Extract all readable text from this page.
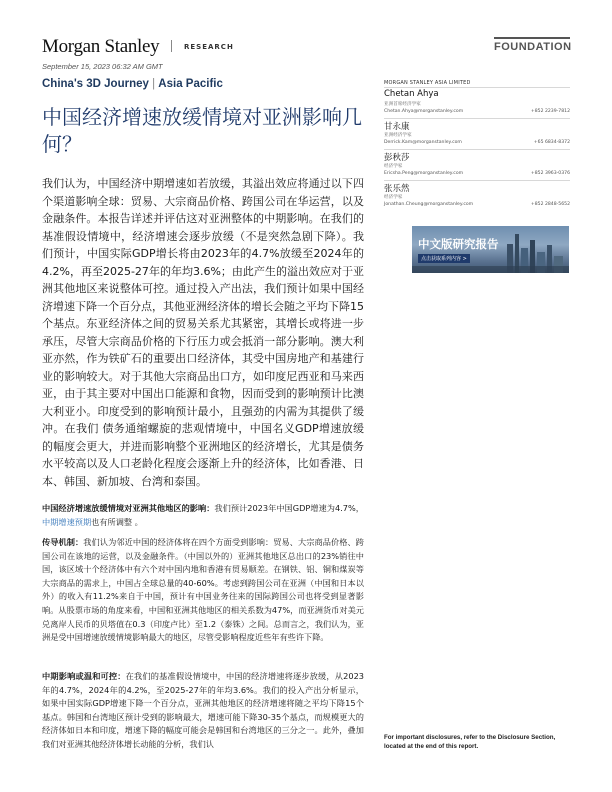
Morgan Stanley	RESEARCH	FOUNDATION
September 15, 2023 06:32 AM GMT
China's 3D Journey | Asia Pacific
中国经济增速放缓情境对亚洲影响几何？
我们认为，中国经济中期增速如若放缓，其溢出效应将通过以下四个渠道影响全球：贸易、大宗商品价格、跨国公司在华运营，以及金融条件。本报告详述并评估这对亚洲整体的中期影响。在我们的基准假设情境中，经济增速会逐步放缓（不是突然急剧下降）。我们预计，中国实际GDP增长将由2023年的4.7%放缓至2024年的4.2%，再至2025-27年的年均3.6%；由此产生的溢出效应对于亚洲其他地区来说整体可控。通过投入产出法，我们预计如果中国经济增速下降一个百分点，其他亚洲经济体的增长会随之平均下降15个基点。东亚经济体之间的贸易关系尤其紧密，其增长或将进一步承压，尽管大宗商品价格的下行压力或会抵消一部分影响。澳大利亚亦然，作为铁矿石的重要出口经济体，其受中国房地产和基建行业的影响较大。对于其他大宗商品出口方，如印度尼西亚和马来西亚，由于其主要对中国出口能源和食物，因而受到的影响预计比澳大利亚小。印度受到的影响预计最小，且强劲的内需为其提供了缓冲。在我们 债务通缩螺旋的悲观情境中，中国名义GDP增速放缓的幅度会更大，并进而影响整个亚洲地区的经济增长，尤其是债务水平较高以及人口老龄化程度会逐渐上升的经济体，比如香港、日本、韩国、新加坡、台湾和泰国。
中国经济增速放缓情境对亚洲其他地区的影响：我们预计2023年中国GDP增速为4.7%，中期增速预期也有所调整 。
传导机制：我们认为邻近中国的经济体将在四个方面受到影响：贸易、大宗商品价格、跨国公司在该地的运营，以及金融条件。（中国以外的）亚洲其他地区总出口的23%销往中国，该区域十个经济体中有六个对中国内地和香港有贸易顺差。在钢铁、铝、铜和煤炭等大宗商品的需求上，中国占全球总量的40-60%。考虑到跨国公司在亚洲（中国和日本以外）的收入有11.2%来自于中国，预计有中国业务往来的国际跨国公司也将受到显著影响。从股票市场的角度来看，中国和亚洲其他地区的相关系数为47%，而亚洲货币对美元兑离岸人民币的贝塔值在0.3（印度卢比）至1.2（泰铢）之间。总而言之，我们认为，亚洲是受中国增速放缓情境影响最大的地区，尽管受影响程度近些年有些许下降。
中期影响或温和可控：在我们的基准假设情境中，中国的经济增速将逐步放缓，从2023年的4.7%，2024年的4.2%，至2025-27年的年均3.6%。我们的投入产出分析显示，如果中国实际GDP增速下降一个百分点，亚洲其他地区的经济增速将随之平均下降15个基点。韩国和台湾地区预计受到的影响最大，增速可能下降30-35个基点，而规模更大的经济体如日本和印度，增速下降的幅度可能会是韩国和台湾地区的三分之一。此外，叠加我们对亚洲其他经济体增长动能的分析，我们认
MORGAN STANLEY ASIA LIMITED
Chetan Ahya
亚洲首席经济学家
Chetan.Ahya@morganstanley.com	+852 2239-7812
甘永康
亚洲经济学家
Derrick.Kam@morganstanley.com	+65 6834-8372
彭秋莎
经济学家
Ericsha.Peng@morganstanley.com	+852 3963-0376
张乐然
经济学家
Jonathan.Cheung@morganstanley.com	+852 2848-5652
中文版研究报告
点击获取系列内容 >
For important disclosures, refer to the Disclosure Section, located at the end of this report.
